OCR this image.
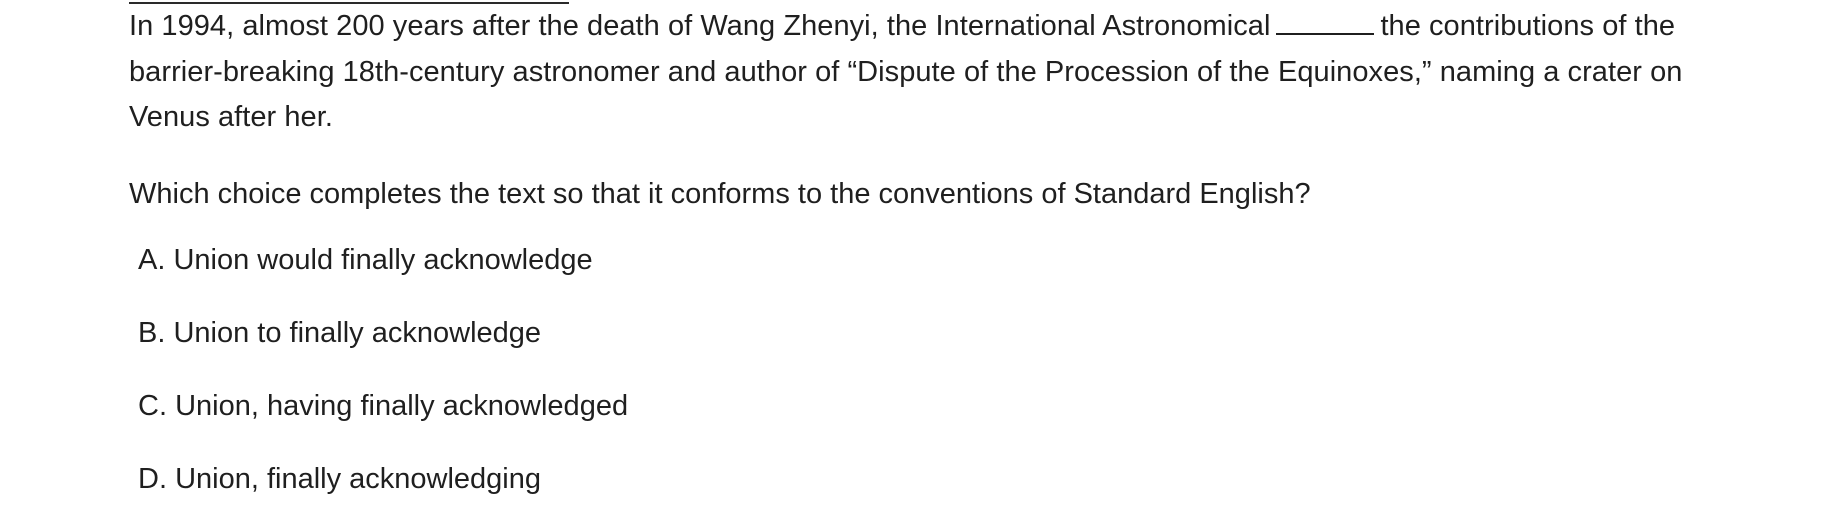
In 1994, almost 200 years after the death of Wang Zhenyi, the International Astronomical	the contributions of the barrier-breaking 18th-century astronomer and author of “Dispute of the Procession of the Equinoxes,” naming a crater on Venus after her.

Which choice completes the text so that it conforms to the conventions of Standard English?

A. Union would finally acknowledge
B. Union to finally acknowledge
C. Union, having finally acknowledged
D. Union, finally acknowledging
